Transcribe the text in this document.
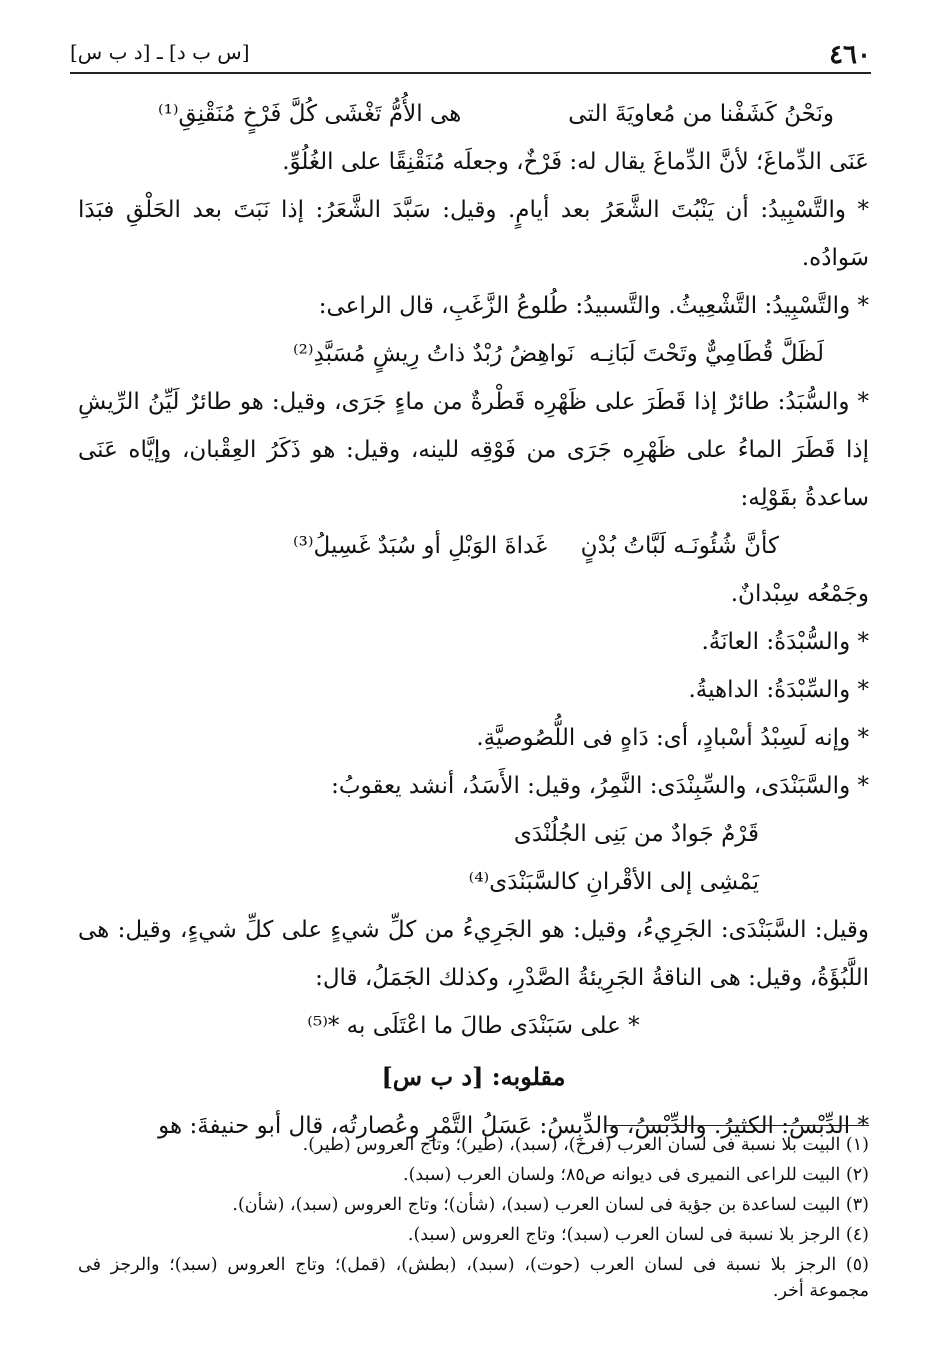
٤٦٠
[س ب د] ـ [د ب س]
ونَحْنُ كَشَفْنا من مُعاويَةَ التى
هى الأُمُّ تَغْشَى كُلَّ فَرْخٍ مُنَقْنِقِ⁽¹⁾

عَنَى الدِّماغَ؛ لأنَّ الدِّماغَ يقال له: فَرْخٌ، وجعلَه مُنَقْنِقًا على الغُلُوِّ.

* والتَّسْبِيدُ: أن يَنْبُتَ الشَّعَرُ بعد أيامٍ. وقيل: سَبَّدَ الشَّعَرُ: إذا نَبَتَ بعد الحَلْقِ فبَدَا سَوادُه.

* والتَّسْبِيدُ: التَّشْعِيثُ. والتَّسبيدُ: طُلوعُ الزَّغَبِ، قال الراعى:

لَظَلَّ قُطَامِيٌّ وتَحْتَ لَبَانِـه
نَواهِضُ رُبْدٌ ذاتُ رِيشٍ مُسَبَّدِ⁽²⁾

* والسُّبَدُ: طائرٌ إذا قَطَرَ على ظَهْرِه قَطْرةٌ من ماءٍ جَرَى، وقيل: هو طائرٌ لَيِّنُ الرِّيشِ إذا قَطَرَ الماءُ على ظَهْرِه جَرَى من فَوْقِه للينه، وقيل: هو ذَكَرُ العِقْبان، وإيَّاه عَنَى ساعدةُ بقَوْلِه:

كأنَّ شُئُونَـه لَبَّاتُ بُدْنٍ
غَداةَ الوَبْلِ أو سُبَدٌ غَسِيلُ⁽³⁾

وجَمْعُه سِبْدانٌ.

* والسُّبْدَةُ: العانَةُ.

* والسِّبْدَةُ: الداهيةُ.

* وإنه لَسِبْدُ أسْبادٍ، أى: دَاهٍ فى اللُّصُوصيَّةِ.

* والسَّبَنْدَى، والسِّبِنْدَى: النَّمِرُ، وقيل: الأَسَدُ، أنشد يعقوبُ:

قَرْمٌ جَوادٌ من بَنِى الجُلُنْدَى
يَمْشِى إلى الأقْرانِ كالسَّبَنْدَى⁽⁴⁾

وقيل: السَّبَنْدَى: الجَرِيءُ، وقيل: هو الجَرِيءُ من كلِّ شيءٍ على كلِّ شيءٍ، وقيل: هى اللَّبُؤَةُ، وقيل: هى الناقةُ الجَرِيئةُ الصَّدْرِ، وكذلك الجَمَلُ، قال:

* على سَبَنْدَى طالَ ما اعْتَلَى به *⁽⁵⁾
مقلوبه: [د ب س]

* الدِّبْسُ: الكثيرُ. والدِّبْسُ، والدِّبِسُ: عَسَلُ التَّمْرِ وعُصارتُه، قال أبو حنيفةَ: هو

(١) البيت بلا نسبة فى لسان العرب (فرخ)، (سبد)، (طير)؛ وتاج العروس (طير).

(٢) البيت للراعى النميرى فى ديوانه ص٨٥؛ ولسان العرب (سبد).

(٣) البيت لساعدة بن جؤية فى لسان العرب (سبد)، (شأن)؛ وتاج العروس (سبد)، (شأن).

(٤) الرجز بلا نسبة فى لسان العرب (سبد)؛ وتاج العروس (سبد).

(٥) الرجز بلا نسبة فى لسان العرب (حوت)، (سبد)، (بطش)، (قمل)؛ وتاج العروس (سبد)؛ والرجز فى مجموعة أخر.
